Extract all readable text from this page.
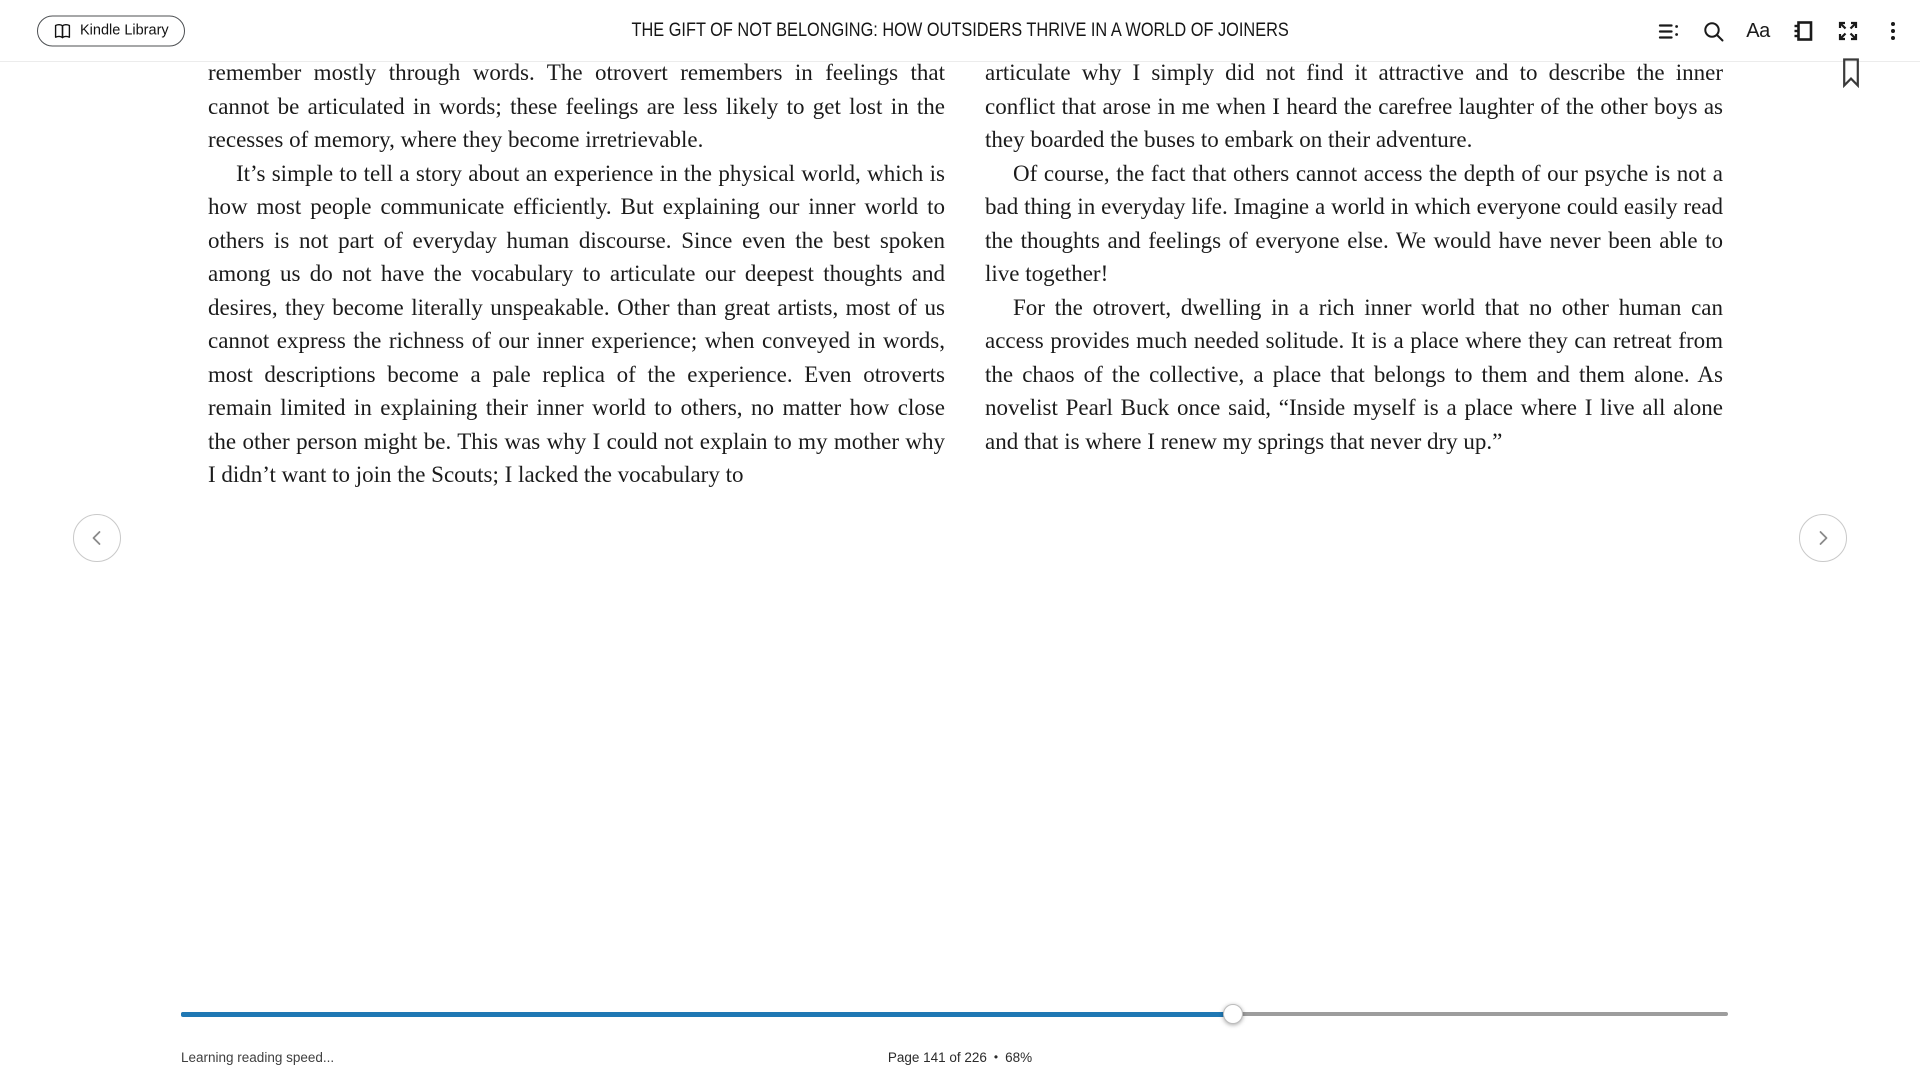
Kindle Library	THE GIFT OF NOT BELONGING: HOW OUTSIDERS THRIVE IN A WORLD OF JOINERS	Aa

remember mostly through words. The otrovert remembers in feelings that cannot be articulated in words; these feelings are less likely to get lost in the recesses of memory, where they become irretrievable.

It’s simple to tell a story about an experience in the physical world, which is how most people communicate efficiently. But explaining our inner world to others is not part of everyday human discourse. Since even the best spoken among us do not have the vocabulary to articulate our deepest thoughts and desires, they become literally unspeakable. Other than great artists, most of us cannot express the richness of our inner experience; when conveyed in words, most descriptions become a pale replica of the experience. Even otroverts remain limited in explaining their inner world to others, no matter how close the other person might be. This was why I could not explain to my mother why I didn’t want to join the Scouts; I lacked the vocabulary to

articulate why I simply did not find it attractive and to describe the inner conflict that arose in me when I heard the carefree laughter of the other boys as they boarded the buses to embark on their adventure.

Of course, the fact that others cannot access the depth of our psyche is not a bad thing in everyday life. Imagine a world in which everyone could easily read the thoughts and feelings of everyone else. We would have never been able to live together!

For the otrovert, dwelling in a rich inner world that no other human can access provides much needed solitude. It is a place where they can retreat from the chaos of the collective, a place that belongs to them and them alone. As novelist Pearl Buck once said, “Inside myself is a place where I live all alone and that is where I renew my springs that never dry up.”

Learning reading speed...	Page 141 of 226 • 68%
